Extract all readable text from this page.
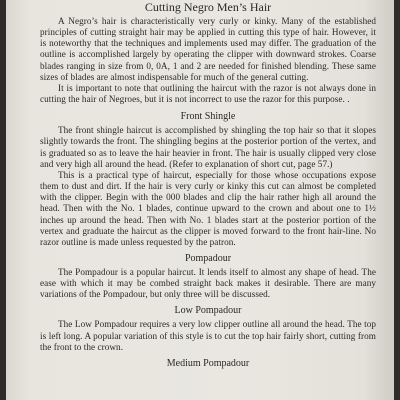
Cutting Negro Men’s Hair

A Negro’s hair is characteristically very curly or kinky. Many of the established principles of cutting straight hair may be applied in cutting this type of hair. However, it is noteworthy that the techniques and implements used may differ. The graduation of the outline is accomplished largely by operating the clipper with downward strokes. Coarse blades ranging in size from 0, 0A, 1 and 2 are needed for finished blending. These same sizes of blades are almost indispensable for much of the general cutting.

It is important to note that outlining the haircut with the razor is not always done in cutting the hair of Negroes, but it is not incorrect to use the razor for this purpose. .

Front Shingle

The front shingle haircut is accomplished by shingling the top hair so that it slopes slightly towards the front. The shingling begins at the posterior portion of the vertex, and is graduated so as to leave the hair heavier in front. The hair is usually clipped very close and very high all around the head. (Refer to explanation of short cut, page 57.)

This is a practical type of haircut, especially for those whose occupations expose them to dust and dirt. If the hair is very curly or kinky this cut can almost be completed with the clipper. Begin with the 000 blades and clip the hair rather high all around the head. Then with the No. 1 blades, continue upward to the crown and about one to 1½ inches up around the head. Then with No. 1 blades start at the posterior portion of the vertex and graduate the haircut as the clipper is moved forward to the front hair-line. No razor outline is made unless requested by the patron.

Pompadour

The Pompadour is a popular haircut. It lends itself to almost any shape of head. The ease with which it may be combed straight back makes it desirable. There are many variations of the Pompadour, but only three will be discussed.

Low Pompadour

The Low Pompadour requires a very low clipper outline all around the head. The top is left long. A popular variation of this style is to cut the top hair fairly short, cutting from the front to the crown.

Medium Pompadour
